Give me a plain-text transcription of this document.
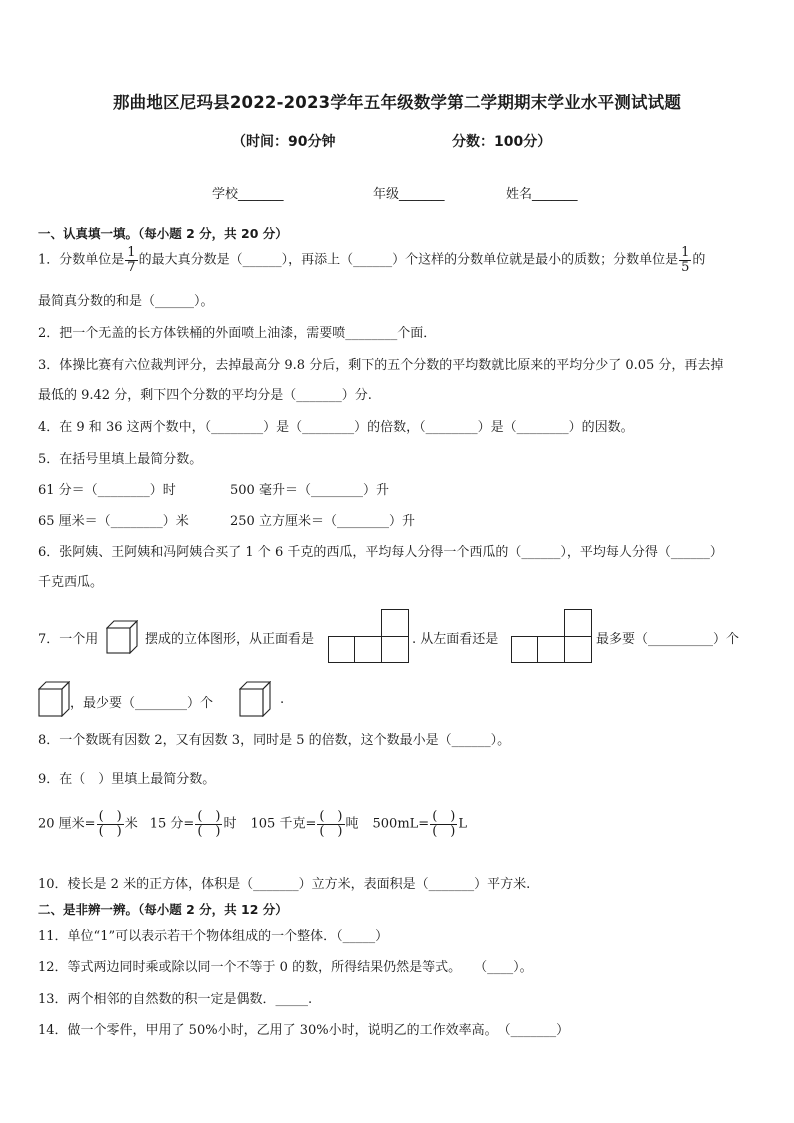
那曲地区尼玛县2022-2023学年五年级数学第二学期期末学业水平测试试题
（时间：90分钟	分数：100分）
学校_______	年级_______	姓名_______
一、认真填一填。（每小题 2 分，共 20 分）
1．分数单位是 $\frac{1}{7}$ 的最大真分数是（______），再添上（______）个这样的分数单位就是最小的质数；分数单位是 $\frac{1}{5}$ 的
最简真分数的和是（______）。
2．把一个无盖的长方体铁桶的外面喷上油漆，需要喷________个面．
3．体操比赛有六位裁判评分，去掉最高分 9.8 分后，剩下的五个分数的平均数就比原来的平均分少了 0.05 分，再去掉
最低的 9.42 分，剩下四个分数的平均分是（_______）分.
4．在 9 和 36 这两个数中，（________）是（________）的倍数，（________）是（________）的因数。
5．在括号里填上最简分数。
61 分＝（________）时	500 毫升＝（________）升
65 厘米＝（________）米	250 立方厘米＝（________）升
6．张阿姨、王阿姨和冯阿姨合买了 1 个 6 千克的西瓜，平均每人分得一个西瓜的（______），平均每人分得（______）
千克西瓜。
7．一个用	摆成的立体图形，从正面看是	. 从左面看还是	最多要（__________）个
，最少要（________）个	.
8．一个数既有因数 2，又有因数 3，同时是 5 的倍数，这个数最小是（______）。
9．在（　）里填上最简分数。
20 厘米= $\frac{( )}{( )}$ 米 15 分= $\frac{( )}{( )}$ 时 105 千克= $\frac{( )}{( )}$ 吨 $500mL= \frac{( )}{( )}$ L
10．棱长是 2 米的正方体，体积是（_______）立方米，表面积是（_______）平方米.
二、是非辨一辨。（每小题 2 分，共 12 分）
11．单位“1”可以表示若干个物体组成的一个整体．（_____）
12．等式两边同时乘或除以同一个不等于 0 的数，所得结果仍然是等式。　　（____）。
13．两个相邻的自然数的积一定是偶数．_____.
14．做一个零件，甲用了 50%小时，乙用了 30%小时，说明乙的工作效率高。　（_______）
